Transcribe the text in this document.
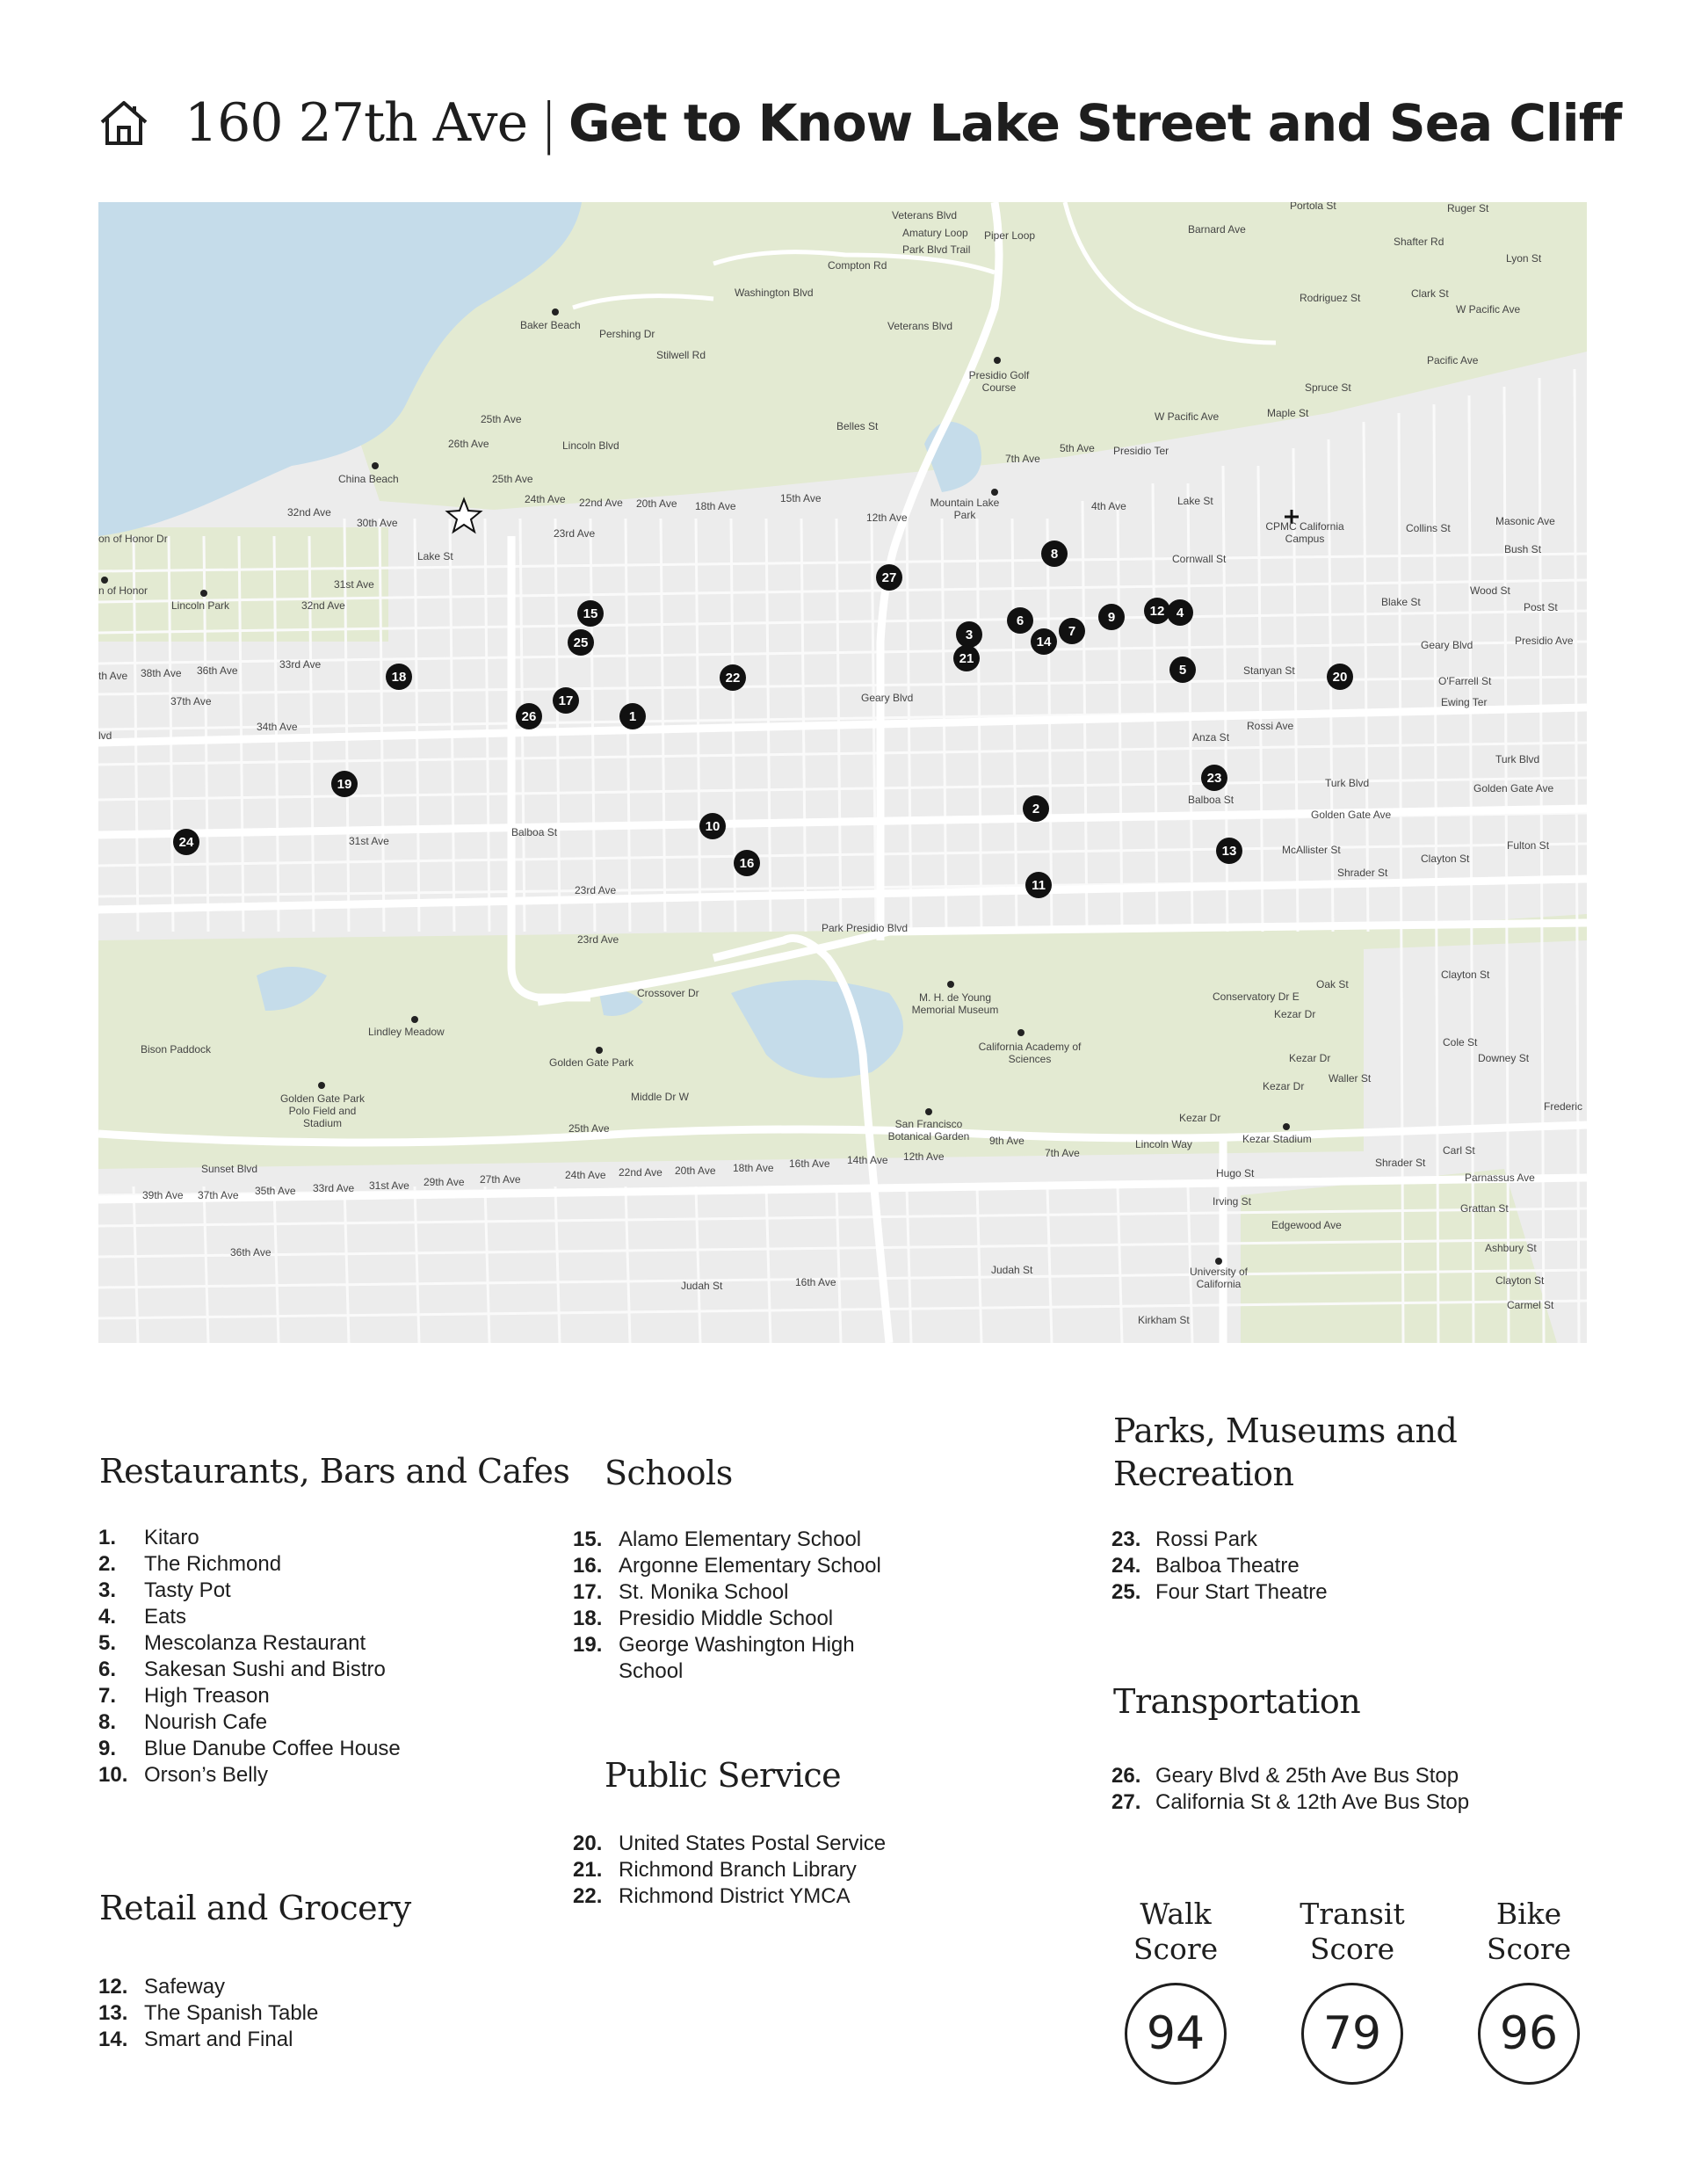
160 27th Ave | Get to Know Lake Street and Sea Cliff
Veterans Blvd
Amatury Loop Piper Loop
Park Blvd Trail
Compton Rd
Washington Blvd
Veterans Blvd
Baker Beach
Pershing Dr
Stilwell Rd
Presidio Golf Course
Belles St
25th Ave
26th Ave	Lincoln Blvd
China Beach	25th Ave
32nd Ave
30th Ave
24th Ave 22nd Ave 20th Ave 18th Ave
15th Ave
23rd Ave
Lake St
on of Honor Dr
n of Honor	31st Ave
Lincoln Park	32nd Ave
33rd Ave
38th Ave 36th Ave
37th Ave
34th Ave
th Ave
lvd
Geary Blvd
31st Ave
Balboa St
23rd Ave
23rd Ave
Park Presidio Blvd
12th Ave
Mountain Lake Park
7th Ave
5th Ave Presidio Ter
4th Ave	Lake St
W Pacific Ave	Maple St
CPMC California Campus
Collins St
Masonic Ave
Bush St
Cornwall St
Blake St
Wood St
Post St
Geary Blvd	Presidio Ave
O'Farrell St
Ewing Ter
Stanyan St
Rossi Ave
Anza St
Turk Blvd
Turk Blvd
Golden Gate Ave
Golden Gate Ave
Balboa St
McAllister St	Fulton St
Shrader St
Clayton St
Portola St	Ruger St
Barnard Ave
Shafter Rd
Lyon St
Rodriguez St	Clark St
W Pacific Ave
Pacific Ave
Spruce St
Crossover Dr	M. H. de Young Memorial Museum
California Academy of Sciences
Conservatory Dr E
Oak St
Kezar Dr
Kezar Dr
Kezar Dr
Kezar Dr
Clayton St
Cole St
Downey St
Waller St
Frederic
Lindley Meadow
Bison Paddock
Golden Gate Park
Middle Dr W
Golden Gate Park Polo Field and Stadium	25th Ave	San Francisco Botanical Garden	9th Ave
7th Ave
Lincoln Way	Kezar Stadium
Shrader St
Carl St
Parnassus Ave
Grattan St
Hugo St
Irving St
Edgewood Ave
Ashbury St
Clayton St
Carmel St
University of California
Kirkham St
Judah St
Judah St	16th Ave
36th Ave
Sunset Blvd
39th Ave 37th Ave 35th Ave 33rd Ave 31st Ave 29th Ave 27th Ave	24th Ave 22nd Ave 20th Ave 18th Ave 16th Ave 14th Ave 12th Ave
1
2
3
4
5
6
7
8
9
10
11
12
13
14
15
16
17
18
19
20
21
22
23
24
25
26
27
Restaurants, Bars and Cafes
1.	Kitaro
2.	The Richmond
3.	Tasty Pot
4.	Eats
5.	Mescolanza Restaurant
6.	Sakesan Sushi and Bistro
7.	High Treason
8.	Nourish Cafe
9.	Blue Danube Coffee House
10. Orson’s Belly
Retail and Grocery
12. Safeway
13. The Spanish Table
14. Smart and Final
Schools
15. Alamo Elementary School
16. Argonne Elementary School
17. St. Monika School
18. Presidio Middle School
19. George Washington High
School
Public Service
20. United States Postal Service
21. Richmond Branch Library
22. Richmond District YMCA
Parks, Museums and
Recreation
23. Rossi Park
24. Balboa Theatre
25. Four Start Theatre
Transportation
26. Geary Blvd & 25th Ave Bus Stop
27. California St & 12th Ave Bus Stop
Walk
Score
94
Transit
Score
79
Bike
Score
96
